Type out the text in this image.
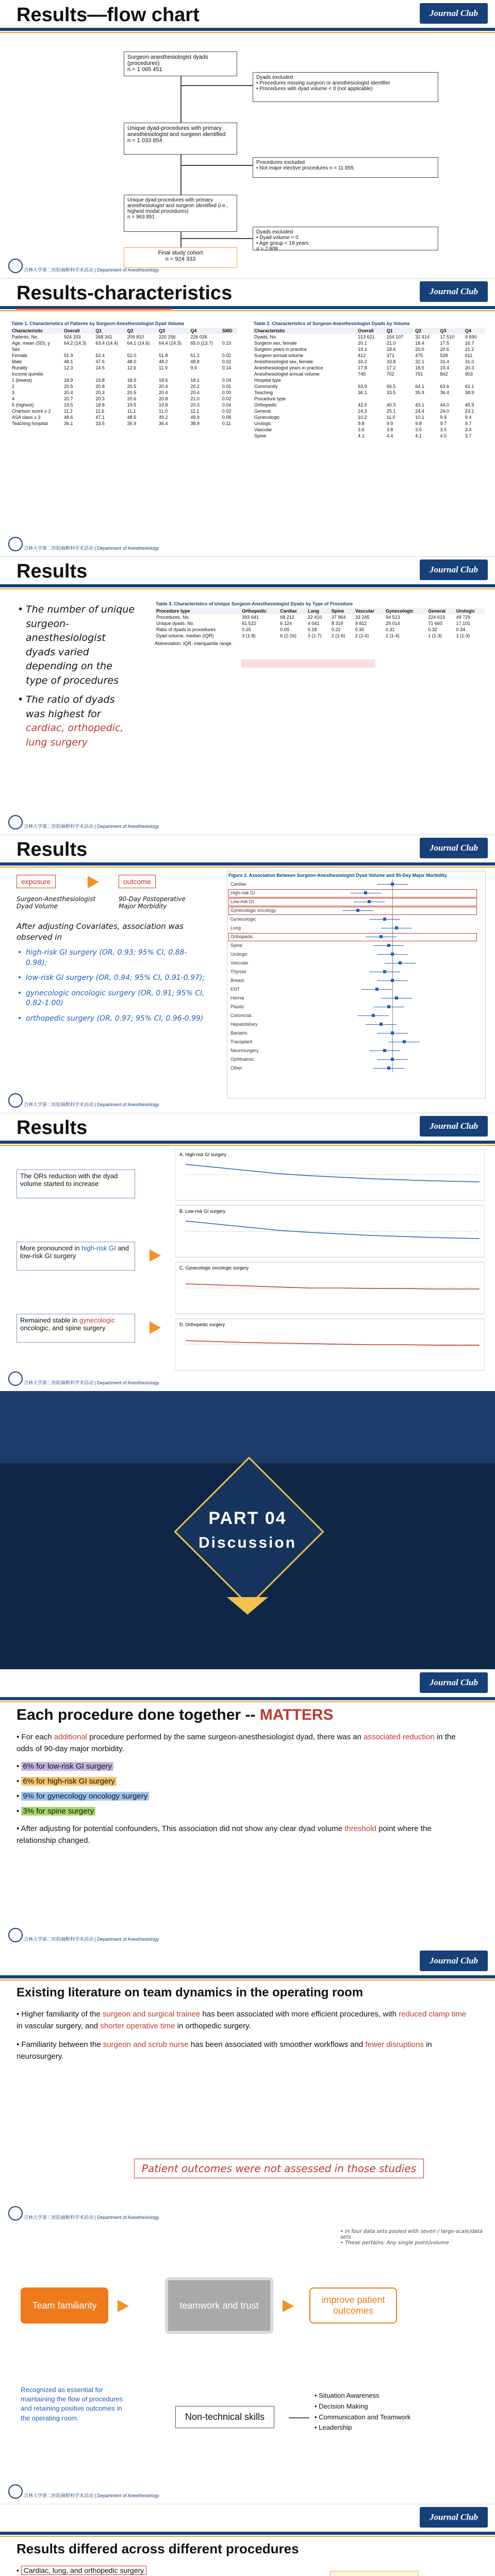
Journal Club
Results—flow chart
Surgeon-anesthesiologist dyads (procedures)
n = 1 065 451
Dyads excluded
• Procedures missing surgeon or anesthesiologist identifier
• Procedures with dyad volume < 0 (not applicable)
Unique dyad-procedures with primary anesthesiologist and surgeon identified
n = 1 033 854
Procedures excluded
• Not major elective procedures n = 11 855
Unique dyad-procedures with primary anesthesiologist and surgeon identified (i.e., highest modal procedures)
n = 963 851
Dyads excluded
• Dyad volume = 0
• Age group < 18 years
n = 2 808
Final study cohort
n = 924 333
吉林大学第二医院麻醉科学术活动 | Department of Anesthesiology
Journal Club
Results-characteristics
Table 1. Characteristics of Patients by Surgeon-Anesthesiologist Dyad Volume
Characteristic	Overall	Q1	Q2	Q3	Q4	SMD
Patients, No.	924 333	268 341	209 810	220 156	226 026	
Age, mean (SD), y	64.2 (14.3)	63.4 (14.4)	64.1 (14.6)	64.4 (14.3)	65.0 (13.7)	0.10
Sex						
Female	51.9	52.4	52.0	51.8	51.2	0.02
Male	48.1	47.6	48.0	48.2	48.8	0.02
Rurality	12.3	14.5	12.6	11.9	9.9	0.14
Income quintile						
1 (lowest)	18.9	19.8	18.9	18.6	18.1	0.04
2	20.5	20.8	20.5	20.4	20.2	0.01
3	20.4	20.3	20.5	20.4	20.4	0.00
4	20.7	20.3	20.6	20.8	21.0	0.02
5 (highest)	19.5	18.8	19.5	19.8	20.3	0.04
Charlson score ≥ 2	11.2	11.6	11.1	11.0	11.1	0.02
ASA class ≥ 3	48.6	47.1	48.5	49.2	49.9	0.06
Teaching hospital	36.1	33.5	35.9	36.4	38.9	0.11
Table 2. Characteristics of Surgeon-Anesthesiologist Dyads by Volume
Characteristic	Overall	Q1	Q2	Q3	Q4
Dyads, No.	213 621	154 107	32 414	17 510	9 590
Surgeon sex, female	20.1	21.0	18.4	17.5	16.7
Surgeon years in practice	19.1	18.6	20.0	20.6	21.2
Surgeon annual volume	412	371	475	528	611
Anesthesiologist sex, female	33.2	33.8	32.1	31.4	31.0
Anesthesiologist years in practice	17.8	17.2	18.5	19.4	20.3
Anesthesiologist annual volume	745	702	791	842	903
Hospital type					
Community	63.9	66.5	64.1	63.6	61.1
Teaching	36.1	33.5	35.9	36.4	38.9
Procedure type					
Orthopedic	42.6	40.3	43.1	44.0	45.9
General	24.3	25.1	24.4	24.0	23.1
Gynecologic	10.2	11.0	10.1	9.9	9.4
Urologic	9.8	9.9	9.8	9.7	9.7
Vascular	3.6	3.8	3.5	3.5	3.4
Spine	4.1	4.4	4.1	4.0	3.7
吉林大学第二医院麻醉科学术活动 | Department of Anesthesiology
Journal Club
Results
• The number of unique surgeon-anesthesiologist dyads varied depending on the type of procedures
• The ratio of dyads was highest for cardiac, orthopedic, lung surgery
Table 3. Characteristics of Unique Surgeon-Anesthesiologist Dyads by Type of Procedure
Procedure type	Orthopedic	Cardiac	Lung	Spine	Vascular	Gynecologic	General	Urologic
Procedures, No.	393 641	68 212	22 410	37 964	33 245	94 513	224 619	49 729
Unique dyads, No.	61 522	6 124	4 041	8 319	9 812	29 014	71 660	17 101
Ratio of dyads to procedures	0.16	0.09	0.18	0.22	0.30	0.31	0.32	0.34
Dyad volume, median (IQR)	3 (1-8)	6 (2-16)	3 (1-7)	2 (1-6)	2 (1-4)	2 (1-4)	1 (1-3)	1 (1-3)
Abbreviation: IQR, interquartile range.
吉林大学第二医院麻醉科学术活动 | Department of Anesthesiology
Journal Club
Results
exposure	outcome
Surgeon-Anesthesiologist Dyad Volume
90-Day Postoperative Major Morbidity
After adjusting Covariates, association was observed in
• high-risk GI surgery (OR, 0.93; 95% CI, 0.88-0.98);
• low-risk GI surgery (OR, 0.94; 95% CI, 0.91-0.97);
• gynecologic oncologic surgery (OR, 0.91; 95% CI, 0.82-1.00)
• orthopedic surgery (OR, 0.97; 95% CI, 0.96-0.99)
Figure 2. Association Between Surgeon-Anesthesiologist Dyad Volume and 90-Day Major Morbidity
Cardiac
High-risk GI
Low-risk GI
Gynecologic oncology
Gynecologic
Lung
Orthopedic
Spine
Urologic
Vascular
Thyroid
Breast
ENT
Hernia
Plastic
Colorectal
Hepatobiliary
Bariatric
Transplant
Neurosurgery
Ophthalmic
Other
吉林大学第二医院麻醉科学术活动 | Department of Anesthesiology
Journal Club
Results
The ORs reduction with the dyad volume started to increase
More pronounced in high-risk GI and low-risk GI surgery
Remained stable in gynecologic oncologic, and spine surgery
A. High-risk GI surgery
B. Low-risk GI surgery
C. Gynecologic oncologic surgery
D. Orthopedic surgery
吉林大学第二医院麻醉科学术活动 | Department of Anesthesiology
PART 04
Discussion
Journal Club
Each procedure done together -- MATTERS
• For each additional procedure performed by the same surgeon-anesthesiologist dyad, there was an associated reduction in the odds of 90-day major morbidity.
• 6% for low-risk GI surgery
• 6% for high-risk GI surgery
• 9% for gynecology oncology surgery
• 3% for spine surgery
• After adjusting for potential confounders, This association did not show any clear dyad volume threshold point where the relationship changed.
吉林大学第二医院麻醉科学术活动 | Department of Anesthesiology
Journal Club
Existing literature on team dynamics in the operating room
• Higher familiarity of the surgeon and surgical trainee has been associated with more efficient procedures, with reduced clamp time in vascular surgery, and shorter operative time in orthopedic surgery.
• Familiarity between the surgeon and scrub nurse has been associated with smoother workflows and fewer disruptions in neurosurgery.
Patient outcomes were not assessed in those studies
吉林大学第二医院麻醉科学术活动 | Department of Anesthesiology
• in four data sets pooled with seven / large-scale/data sets
• These pertains: Any single point/volume
Team familiarity	teamwork and trust
improve patient outcomes
Recognized as essential for maintaining the flow of procedures and retaining positive outcomes in the operating room.	Non-technical skills
• Situation Awareness
• Decision Making
• Communication and Teamwork
• Leadership
吉林大学第二医院麻醉科学术活动 | Department of Anesthesiology
Journal Club
Results differed across different procedures
• Cardiac, lung, and orthopedic surgery
